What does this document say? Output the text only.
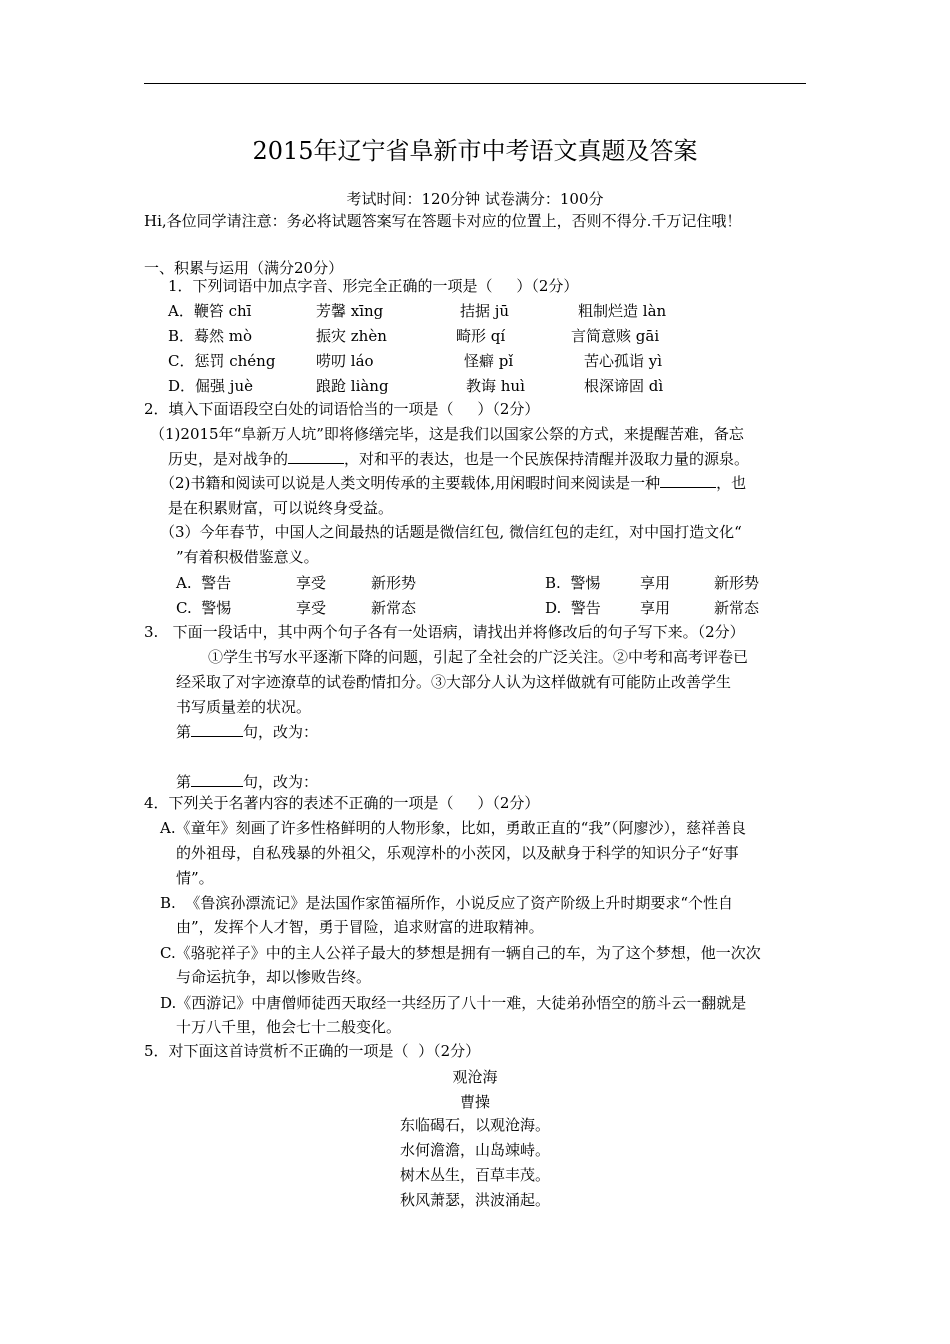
2015年辽宁省阜新市中考语文真题及答案
考试时间：120分钟 试卷满分：100分
Hi,各位同学请注意：务必将试题答案写在答题卡对应的位置上，否则不得分.千万记住哦！
一、积累与运用（满分20分）
1．下列词语中加点字音、形完全正确的一项是（     ）（2分）
A．鞭笞 chī	芳馨 xīng	拮据 jū	粗制烂造 làn
B．蓦然 mò	振灾 zhèn	畸形 qí	言简意赅 gāi
C．惩罚 chéng	唠叨 láo	怪癖 pǐ	苦心孤诣 yì
D．倔强 juè	踉跄 liàng	教诲 huì	根深谛固 dì
2．填入下面语段空白处的词语恰当的一项是（     ）（2分）
（1)2015年“阜新万人坑”即将修缮完毕，这是我们以国家公祭的方式，来提醒苦难，备忘
历史，是对战争的	，对和平的表达，也是一个民族保持清醒并汲取力量的源泉。
（2)书籍和阅读可以说是人类文明传承的主要载体,用闲暇时间来阅读是一种	，也
是在积累财富，可以说终身受益。
（3）今年春节，中国人之间最热的话题是微信红包, 微信红包的走红，对中国打造文化“
”有着积极借鉴意义。
A.  警告	享受	新形势	B.  警惕	享用	新形势
C.  警惕	享受	新常态	D.  警告	享用	新常态
3.   下面一段话中，其中两个句子各有一处语病，请找出并将修改后的句子写下来。（2分）
①学生书写水平逐渐下降的问题，引起了全社会的广泛关注。②中考和高考评卷已
经采取了对字迹潦草的试卷酌情扣分。③大部分人认为这样做就有可能防止改善学生
书写质量差的状况。
第	句，改为：
第	句，改为：
4．下列关于名著内容的表述不正确的一项是（     ）（2分）
A.《童年》刻画了许多性格鲜明的人物形象，比如，勇敢正直的“我”（阿廖沙），慈祥善良
的外祖母，自私残暴的外祖父，乐观淳朴的小茨冈，以及献身于科学的知识分子“好事
情”。
B.  《鲁滨孙漂流记》是法国作家笛福所作，小说反应了资产阶级上升时期要求“个性自
由”，发挥个人才智，勇于冒险，追求财富的进取精神。
C.《骆驼祥子》中的主人公祥子最大的梦想是拥有一辆自己的车，为了这个梦想，他一次次
与命运抗争，却以惨败告终。
D.《西游记》中唐僧师徒西天取经一共经历了八十一难，大徒弟孙悟空的筋斗云一翻就是
十万八千里，他会七十二般变化。
5．对下面这首诗赏析不正确的一项是（  ）（2分）
观沧海
曹操
东临碣石，以观沧海。
水何澹澹，山岛竦峙。
树木丛生，百草丰茂。
秋风萧瑟，洪波涌起。
